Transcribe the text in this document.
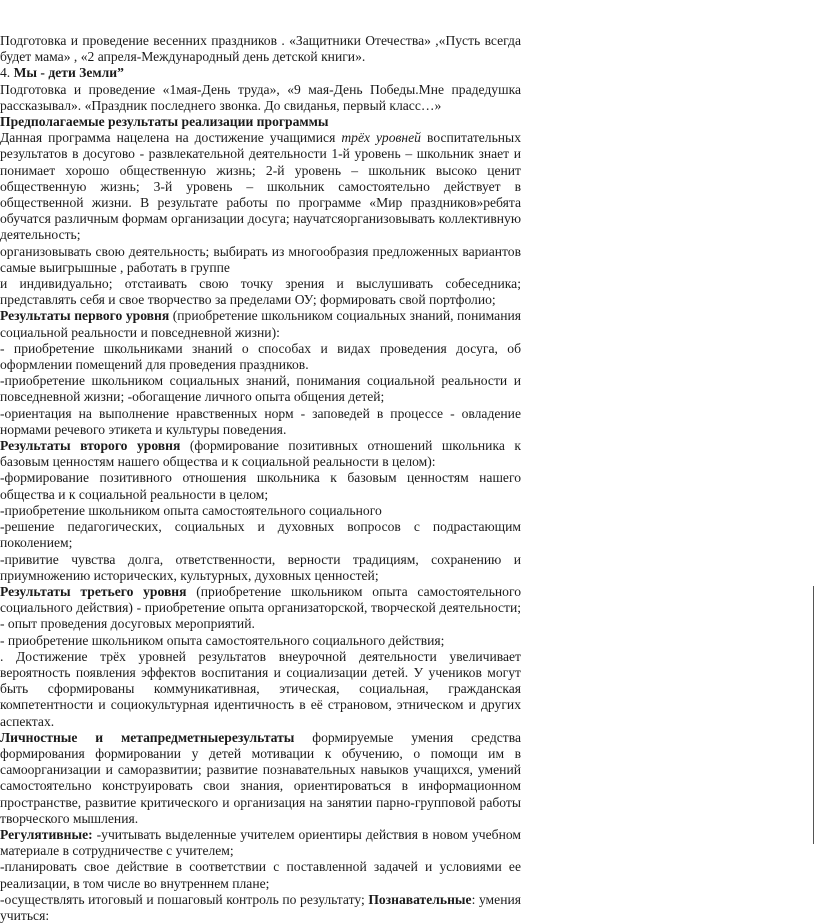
Подготовка и проведение весенних праздников . «Защитники Отечества» ,«Пусть всегда будет мама» , «2 апреля-Международный день детской книги».

4. Мы - дети Земли”

Подготовка и проведение «1мая-День труда», «9 мая-День Победы.Мне прадедушка рассказывал». «Праздник последнего звонка. До свиданья, первый класс…»

Предполагаемые результаты реализации программы

Данная программа нацелена на достижение учащимися трёх уровней воспитательных результатов в досугово - развлекательной деятельности 1-й уровень – школьник знает и понимает хорошо общественную жизнь; 2-й уровень – школьник высоко ценит общественную жизнь; 3-й уровень – школьник самостоятельно действует в общественной жизни. В результате работы по программе «Мир праздников»ребята обучатся различным формам организации досуга; научатсяорганизовывать коллективную деятельность;

организовывать свою деятельность; выбирать из многообразия предложенных вариантов самые выигрышные , работать в группе

и индивидуально; отстаивать свою точку зрения и выслушивать собеседника; представлять себя и свое творчество за пределами ОУ; формировать свой портфолио;

Результаты первого уровня (приобретение школьником социальных знаний, понимания социальной реальности и повседневной жизни):

- приобретение школьниками знаний о способах и видах проведения досуга, об оформлении помещений для проведения праздников.

-приобретение школьником социальных знаний, понимания социальной реальности и повседневной жизни; -обогащение личного опыта общения детей;

-ориентация на выполнение нравственных норм - заповедей в процессе - овладение нормами речевого этикета и культуры поведения.

Результаты второго уровня (формирование позитивных отношений школьника к базовым ценностям нашего общества и к социальной реальности в целом):

-формирование позитивного отношения школьника к базовым ценностям нашего общества и к социальной реальности в целом;

-приобретение школьником опыта самостоятельного социального

-решение педагогических, социальных и духовных вопросов с подрастающим поколением;

-привитие чувства долга, ответственности, верности традициям, сохранению и приумножению исторических, культурных, духовных ценностей;

Результаты третьего уровня (приобретение школьником опыта самостоятельного социального действия) - приобретение опыта организаторской, творческой деятельности; - опыт проведения досуговых мероприятий.

- приобретение школьником опыта самостоятельного социального действия;

. Достижение трёх уровней результатов внеурочной деятельности увеличивает вероятность появления эффектов воспитания и социализации детей. У учеников могут быть сформированы коммуникативная, этическая, социальная, гражданская компетентности и социокультурная идентичность в её страновом, этническом и других аспектах.

Личностные и метапредметныерезультаты формируемые умения средства формирования формировании у детей мотивации к обучению, о помощи им в самоорганизации и саморазвитии; развитие познавательных навыков учащихся, умений самостоятельно конструировать свои знания, ориентироваться в информационном пространстве, развитие критического и организация на занятии парно-групповой работы творческого мышления.

Регулятивные: -учитывать выделенные учителем ориентиры действия в новом учебном материале в сотрудничестве с учителем;

-планировать свое действие в соответствии с поставленной задачей и условиями ее реализации, в том числе во внутреннем плане;

-осуществлять итоговый и пошаговый контроль по результату; Познавательные: умения учиться:
